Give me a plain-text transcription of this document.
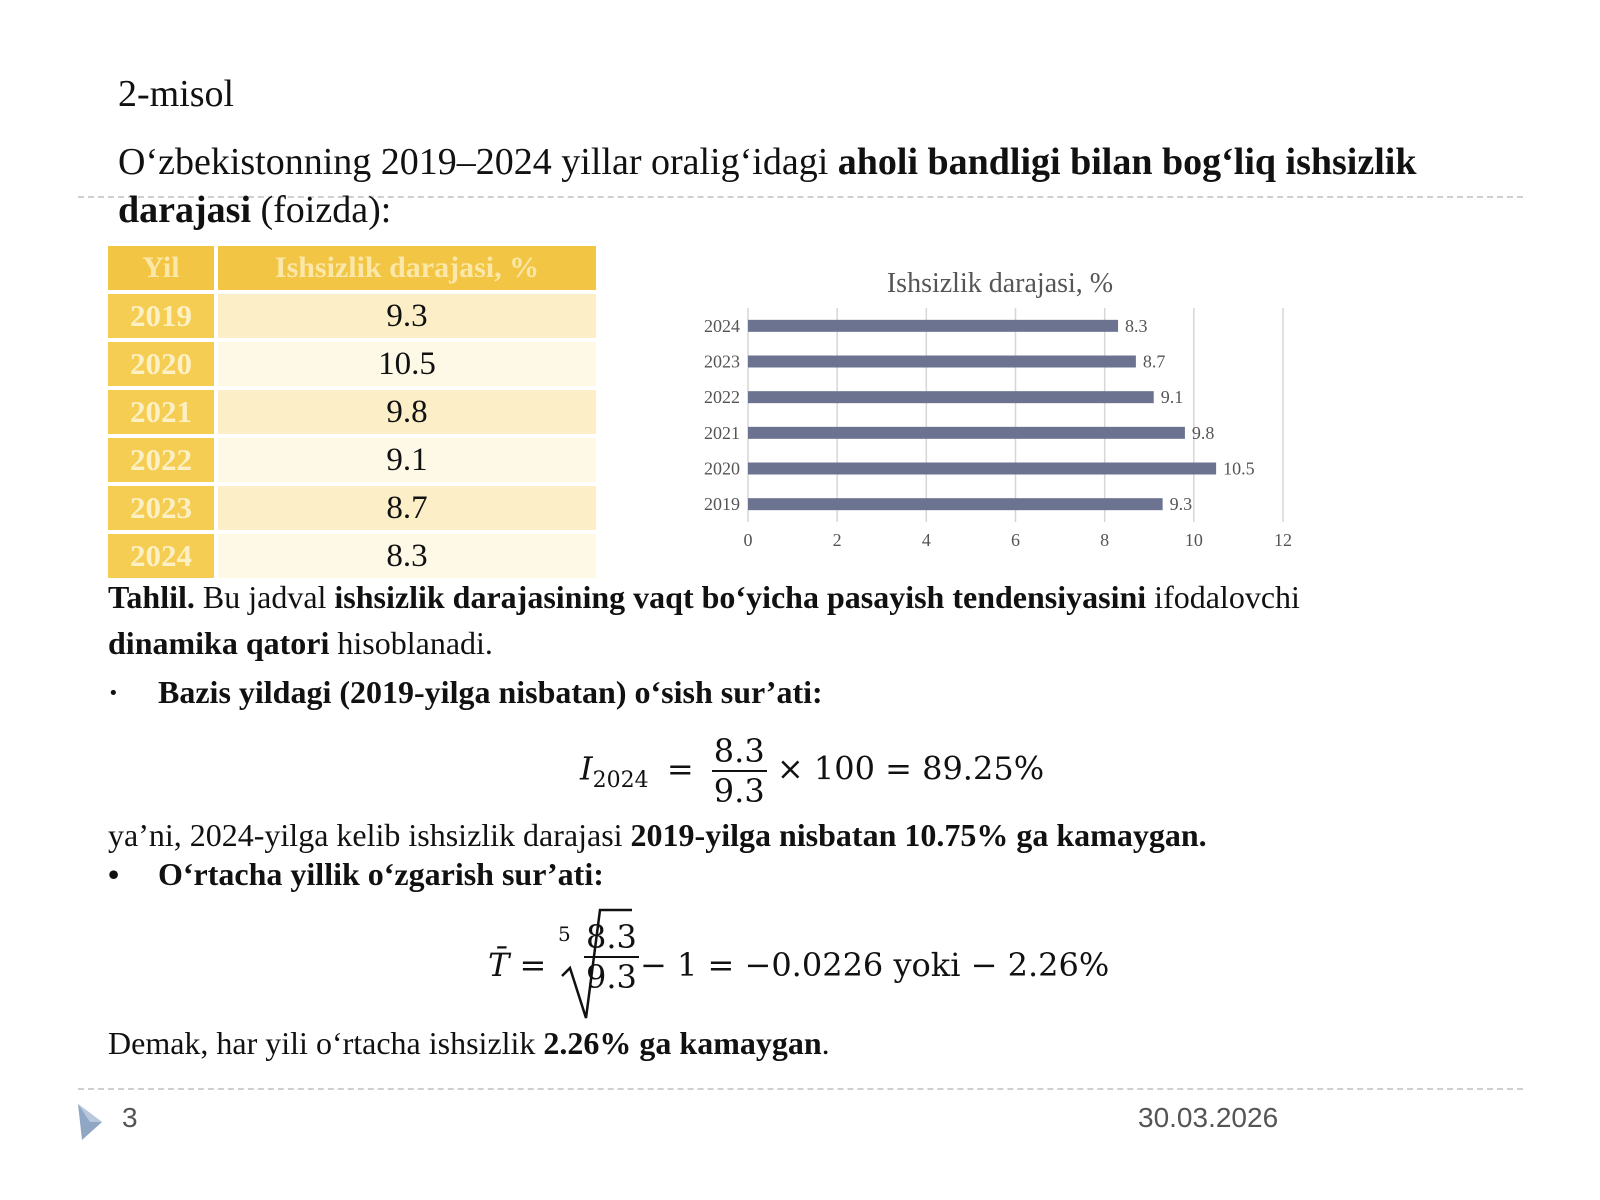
2-misol
O‘zbekistonning 2019–2024 yillar oralig‘idagi aholi bandligi bilan bog‘liq ishsizlik
darajasi (foizda):
Yil	Ishsizlik darajasi, %
2019	9.3
2020	10.5
2021	9.8
2022	9.1
2023	8.7
2024	8.3
Ishsizlik darajasi, %
0	2	4	6	8	10	12
2024	8.3
2023	8.7
2022	9.1
2021	9.8
2020	10.5
2019	9.3
Tahlil. Bu jadval ishsizlik darajasining vaqt bo‘yicha pasayish tendensiyasini ifodalovchi
dinamika qatori hisoblanadi.
· Bazis yildagi (2019-yilga nisbatan) o‘sish sur’ati:
$I_{2024} = \frac{8.3}{9.3} \times 100 = 89.25\%$
ya’ni, 2024-yilga kelib ishsizlik darajasi 2019-yilga nisbatan 10.75% ga kamaygan.
• O‘rtacha yillik o‘zgarish sur’ati:
T̄ =
$5 \frac{8.3}{9.3} - 1 = -0.0226$ yoki − 2.26%
Demak, har yili o‘rtacha ishsizlik 2.26% ga kamaygan.
3	30.03.2026
